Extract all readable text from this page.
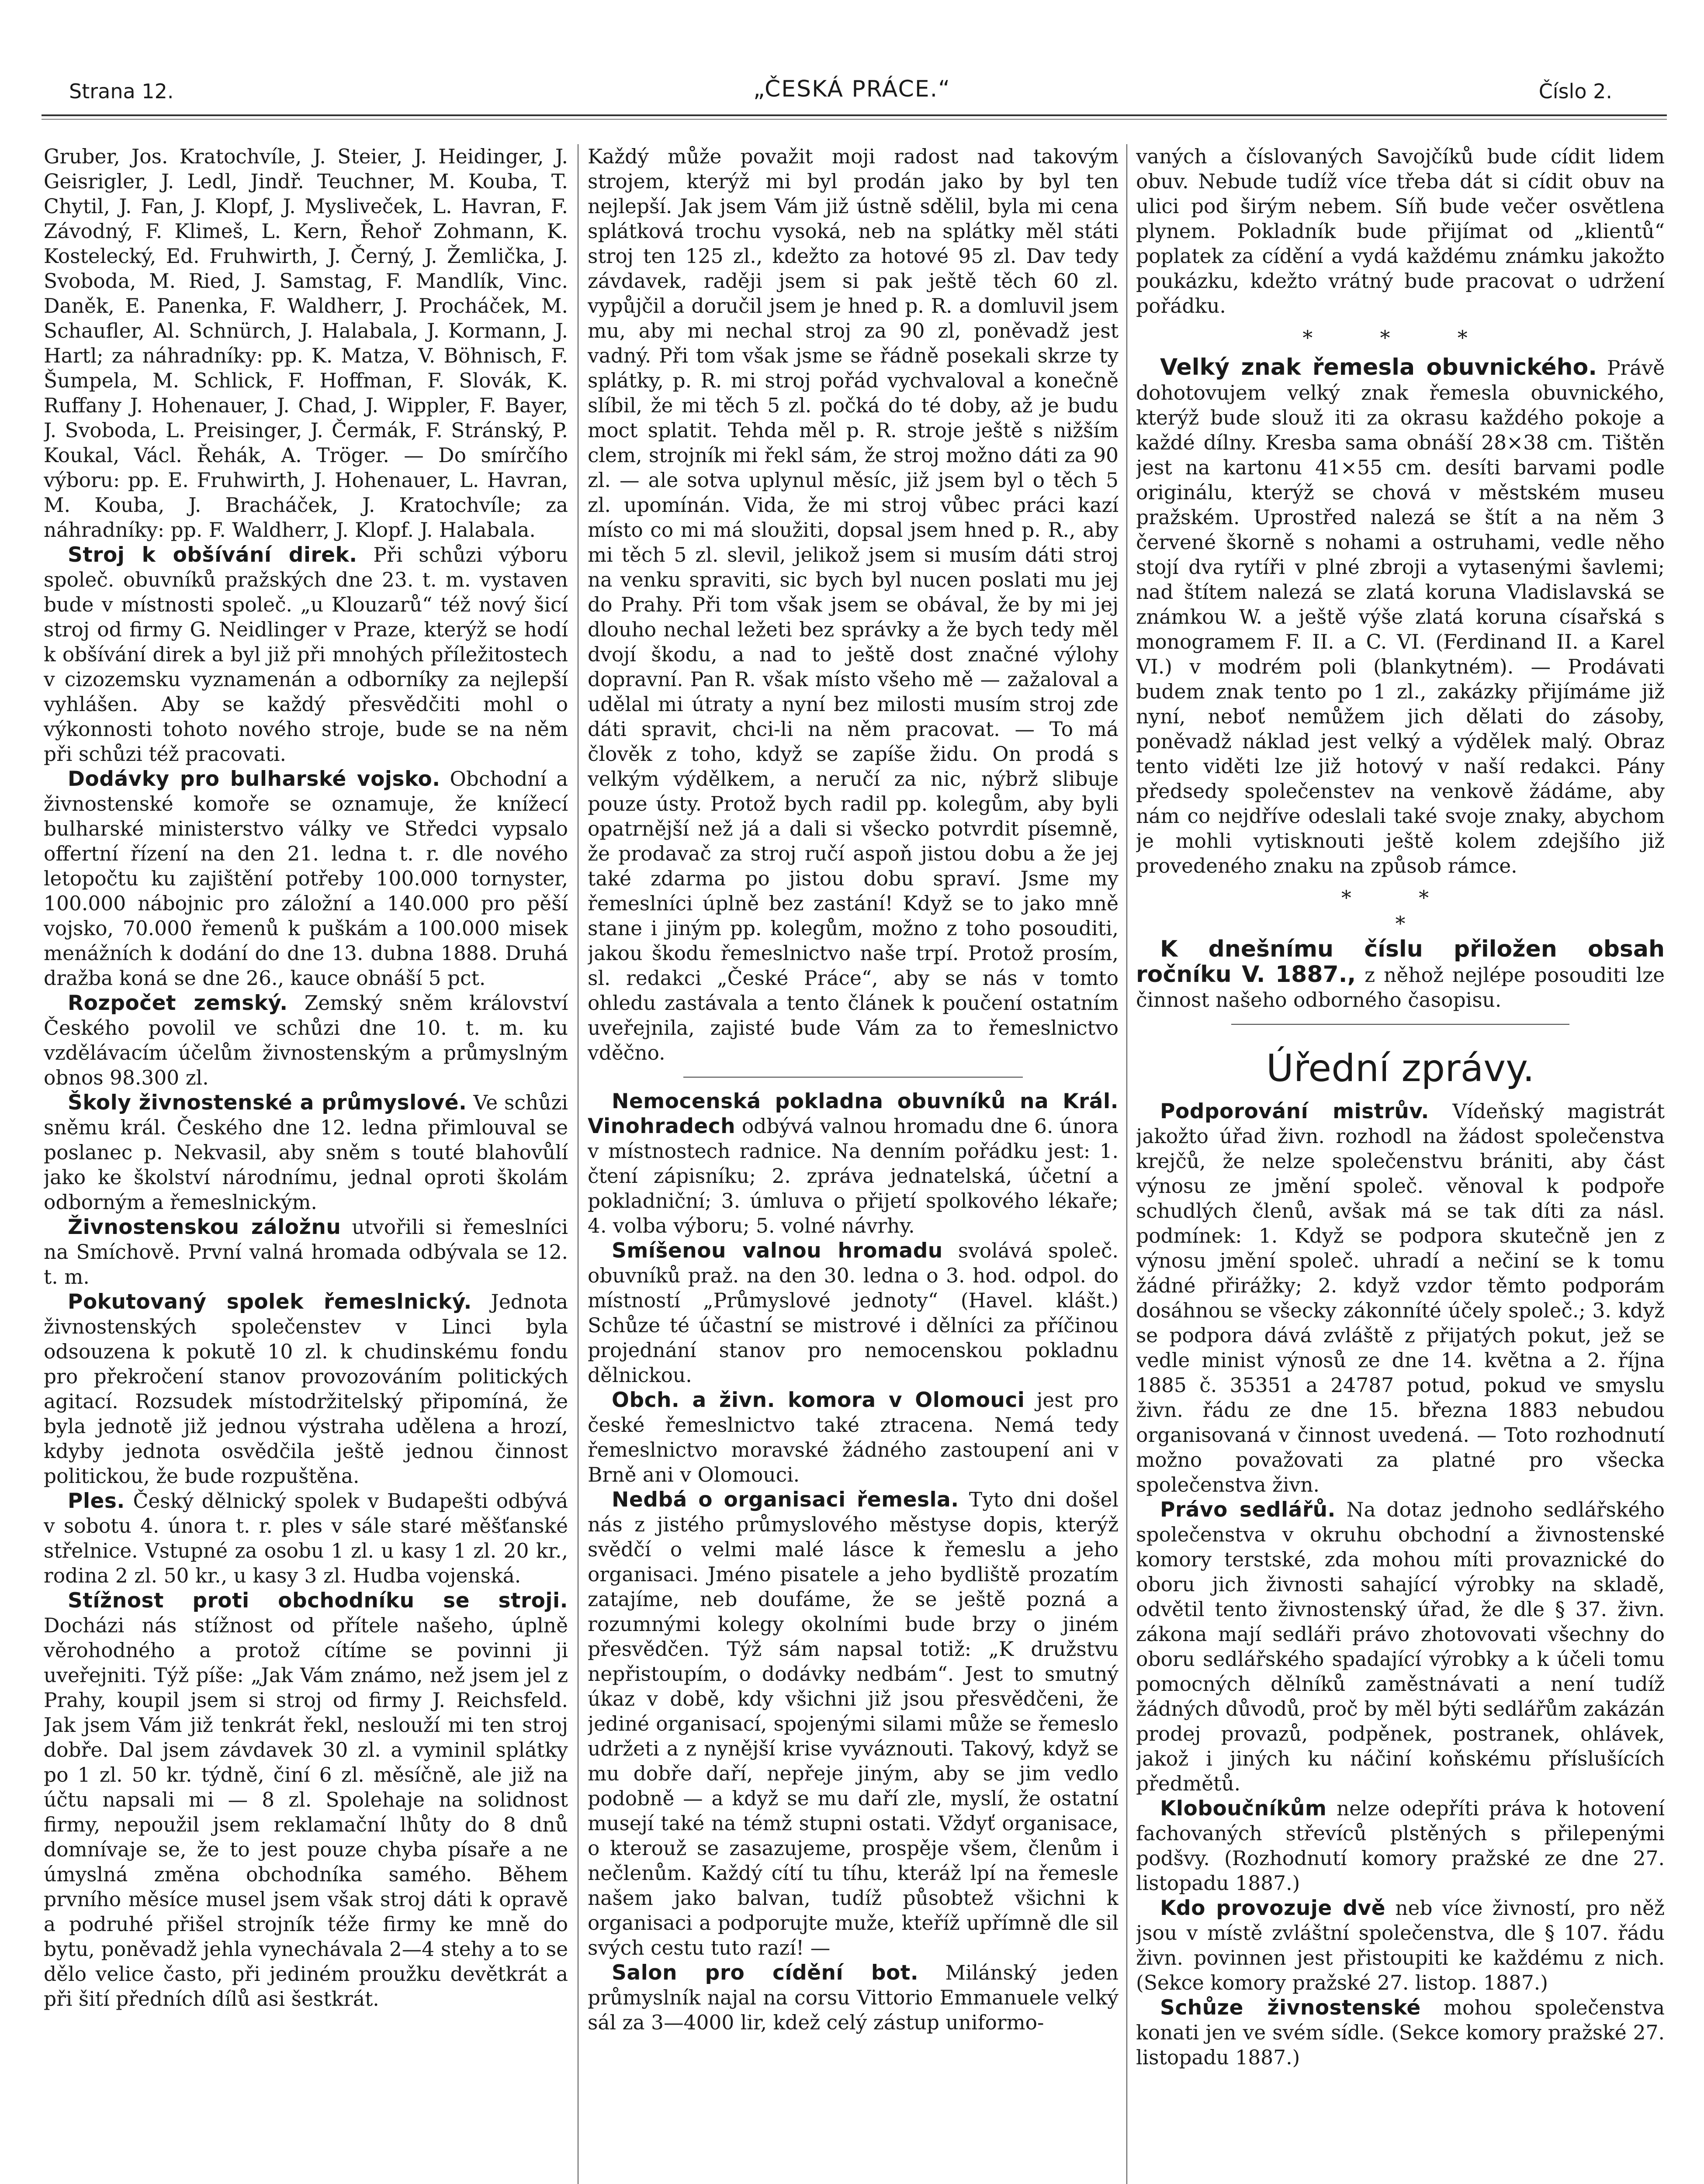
Strana 12.	„ČESKÁ PRÁCE.“	Číslo 2.

Gruber, Jos. Kratochvíle, J. Steier, J. Heidinger, J. Geisrigler, J. Ledl, Jindř. Teuchner, M. Kouba, T. Chytil, J. Fan, J. Klopf, J. Mysliveček, L. Havran, F. Závodný, F. Klimeš, L. Kern, Řehoř Zohmann, K. Kostelecký, Ed. Fruhwirth, J. Černý, J. Žemlička, J. Svoboda, M. Ried, J. Samstag, F. Mandlík, Vinc. Daněk, E. Panenka, F. Waldherr, J. Procháček, M. Schaufler, Al. Schnürch, J. Halabala, J. Kormann, J. Hartl; za náhradníky: pp. K. Matza, V. Böhnisch, F. Šumpela, M. Schlick, F. Hoffman, F. Slovák, K. Ruffany J. Hohenauer, J. Chad, J. Wippler, F. Bayer, J. Svoboda, L. Preisinger, J. Čermák, F. Stránský, P. Koukal, Václ. Řehák, A. Tröger. — Do smírčího výboru: pp. E. Fruhwirth, J. Hohenauer, L. Havran, M. Kouba, J. Bracháček, J. Kratochvíle; za náhradníky: pp. F. Waldherr, J. Klopf. J. Halabala.

Stroj k obšívání direk. Při schůzi výboru společ. obuvníků pražských dne 23. t. m. vystaven bude v místnosti společ. „u Klouzarů“ též nový šicí stroj od firmy G. Neidlinger v Praze, kterýž se hodí k obšívání direk a byl již při mnohých příležitostech v cizozemsku vyznamenán a odborníky za nejlepší vyhlášen. Aby se každý přesvědčiti mohl o výkonnosti tohoto nového stroje, bude se na něm při schůzi též pracovati.

Dodávky pro bulharské vojsko. Obchodní a živnostenské komoře se oznamuje, že knížecí bulharské ministerstvo války ve Středci vypsalo offertní řízení na den 21. ledna t. r. dle nového letopočtu ku zajištění potřeby 100.000 tornyster, 100.000 nábojnic pro záložní a 140.000 pro pěší vojsko, 70.000 řemenů k puškám a 100.000 misek menážních k dodání do dne 13. dubna 1888. Druhá dražba koná se dne 26., kauce obnáší 5 pct.

Rozpočet zemský. Zemský sněm království Českého povolil ve schůzi dne 10. t. m. ku vzdělávacím účelům živnostenským a průmyslným obnos 98.300 zl.

Školy živnostenské a průmyslové. Ve schůzi sněmu král. Českého dne 12. ledna přimlouval se poslanec p. Nekvasil, aby sněm s touté blahovůlí jako ke školství národnímu, jednal oproti školám odborným a řemeslnickým.

Živnostenskou záložnu utvořili si řemeslníci na Smíchově. První valná hromada odbývala se 12. t. m.

Pokutovaný spolek řemeslnický. Jednota živnostenských společenstev v Linci byla odsouzena k pokutě 10 zl. k chudinskému fondu pro překročení stanov provozováním politických agitací. Rozsudek místodržitelský připomíná, že byla jednotě již jednou výstraha udělena a hrozí, kdyby jednota osvědčila ještě jednou činnost politickou, že bude rozpuštěna.

Ples. Český dělnický spolek v Budapešti odbývá v sobotu 4. února t. r. ples v sále staré měšťanské střelnice. Vstupné za osobu 1 zl. u kasy 1 zl. 20 kr., rodina 2 zl. 50 kr., u kasy 3 zl. Hudba vojenská.

Stížnost proti obchodníku se stroji. Docházi nás stížnost od přítele našeho, úplně věrohodného a protož cítíme se povinni ji uveřejniti. Týž píše: „Jak Vám známo, než jsem jel z Prahy, koupil jsem si stroj od firmy J. Reichsfeld. Jak jsem Vám již tenkrát řekl, neslouží mi ten stroj dobře. Dal jsem závdavek 30 zl. a vyminil splátky po 1 zl. 50 kr. týdně, činí 6 zl. měsíčně, ale již na účtu napsali mi — 8 zl. Spolehaje na solidnost firmy, nepoužil jsem reklamační lhůty do 8 dnů domnívaje se, že to jest pouze chyba písaře a ne úmyslná změna obchodníka samého. Během prvního měsíce musel jsem však stroj dáti k opravě a podruhé přišel strojník téže firmy ke mně do bytu, poněvadž jehla vynechávala 2—4 stehy a to se dělo velice často, při jediném proužku devětkrát a při šití předních dílů asi šestkrát.

Každý může považit moji radost nad takovým strojem, kterýž mi byl prodán jako by byl ten nejlepší. Jak jsem Vám již ústně sdělil, byla mi cena splátková trochu vysoká, neb na splátky měl státi stroj ten 125 zl., kdežto za hotové 95 zl. Dav tedy závdavek, raději jsem si pak ještě těch 60 zl. vypůjčil a doručil jsem je hned p. R. a domluvil jsem mu, aby mi nechal stroj za 90 zl, poněvadž jest vadný. Při tom však jsme se řádně posekali skrze ty splátky, p. R. mi stroj pořád vychvaloval a konečně slíbil, že mi těch 5 zl. počká do té doby, až je budu moct splatit. Tehda měl p. R. stroje ještě s nižším clem, strojník mi řekl sám, že stroj možno dáti za 90 zl. — ale sotva uplynul měsíc, již jsem byl o těch 5 zl. upomínán. Vida, že mi stroj vůbec práci kazí místo co mi má sloužiti, dopsal jsem hned p. R., aby mi těch 5 zl. slevil, jelikož jsem si musím dáti stroj na venku spraviti, sic bych byl nucen poslati mu jej do Prahy. Při tom však jsem se obával, že by mi jej dlouho nechal ležeti bez správky a že bych tedy měl dvojí škodu, a nad to ještě dost značné výlohy dopravní. Pan R. však místo všeho mě — zažaloval a udělal mi útraty a nyní bez milosti musím stroj zde dáti spravit, chci-li na něm pracovat. — To má člověk z toho, když se zapíše židu. On prodá s velkým výdělkem, a neručí za nic, nýbrž slibuje pouze ústy. Protož bych radil pp. kolegům, aby byli opatrnější než já a dali si všecko potvrdit písemně, že prodavač za stroj ručí aspoň jistou dobu a že jej také zdarma po jistou dobu spraví. Jsme my řemeslníci úplně bez zastání! Když se to jako mně stane i jiným pp. kolegům, možno z toho posouditi, jakou škodu řemeslnictvo naše trpí. Protož prosím, sl. redakci „České Práce“, aby se nás v tomto ohledu zastávala a tento článek k poučení ostatním uveřejnila, zajisté bude Vám za to řemeslnictvo vděčno.

Nemocenská pokladna obuvníků na Král. Vinohradech odbývá valnou hromadu dne 6. února v místnostech radnice. Na denním pořádku jest: 1. čtení zápisníku; 2. zpráva jednatelská, účetní a pokladniční; 3. úmluva o přijetí spolkového lékaře; 4. volba výboru; 5. volné návrhy.

Smíšenou valnou hromadu svolává společ. obuvníků praž. na den 30. ledna o 3. hod. odpol. do místností „Průmyslové jednoty“ (Havel. klášt.) Schůze té účastní se mistrové i dělníci za příčinou projednání stanov pro nemocenskou pokladnu dělnickou.

Obch. a živn. komora v Olomouci jest pro české řemeslnictvo také ztracena. Nemá tedy řemeslnictvo moravské žádného zastoupení ani v Brně ani v Olomouci.

Nedbá o organisaci řemesla. Tyto dni došel nás z jistého průmyslového městyse dopis, kterýž svědčí o velmi malé lásce k řemeslu a jeho organisaci. Jméno pisatele a jeho bydliště prozatím zatajíme, neb doufáme, že se ještě pozná a rozumnými kolegy okolními bude brzy o jiném přesvědčen. Týž sám napsal totiž: „K družstvu nepřistoupím, o dodávky nedbám“. Jest to smutný úkaz v době, kdy všichni již jsou přesvědčeni, že jediné organisací, spojenými silami může se řemeslo udržeti a z nynější krise vyváznouti. Takový, když se mu dobře daří, nepřeje jiným, aby se jim vedlo podobně — a když se mu daří zle, myslí, že ostatní musejí také na témž stupni ostati. Vždyť organisace, o kterouž se zasazujeme, prospěje všem, členům i nečlenům. Každý cítí tu tíhu, kteráž lpí na řemesle našem jako balvan, tudíž působtež všichni k organisaci a podporujte muže, kteříž upřímně dle sil svých cestu tuto razí! —

Salon pro cídění bot. Milánský jeden průmyslník najal na corsu Vittorio Emmanuele velký sál za 3—4000 lir, kdež celý zástup uniformo-

vaných a číslovaných Savojčíků bude cídit lidem obuv. Nebude tudíž více třeba dát si cídit obuv na ulici pod širým nebem. Síň bude večer osvětlena plynem. Pokladník bude přijímat od „klientů“ poplatek za cídění a vydá každému známku jakožto poukázku, kdežto vrátný bude pracovat o udržení pořádku.

* * *

Velký znak řemesla obuvnického. Právě dohotovujem velký znak řemesla obuvnického, kterýž bude slouž iti za okrasu každého pokoje a každé dílny. Kresba sama obnáší 28×38 cm. Tištěn jest na kartonu 41×55 cm. desíti barvami podle originálu, kterýž se chová v městském museu pražském. Uprostřed nalezá se štít a na něm 3 červené škorně s nohami a ostruhami, vedle něho stojí dva rytíři v plné zbroji a vytasenými šavlemi; nad štítem nalezá se zlatá koruna Vladislavská se známkou W. a ještě výše zlatá koruna císařská s monogramem F. II. a C. VI. (Ferdinand II. a Karel VI.) v modrém poli (blankytném). — Prodávati budem znak tento po 1 zl., zakázky přijímáme již nyní, neboť nemůžem jich dělati do zásoby, poněvadž náklad jest velký a výdělek malý. Obraz tento viděti lze již hotový v naší redakci. Pány předsedy společenstev na venkově žádáme, aby nám co nejdříve odeslali také svoje znaky, abychom je mohli vytisknouti ještě kolem zdejšího již provedeného znaku na způsob rámce.

* *
*

K dnešnímu číslu přiložen obsah ročníku V. 1887., z něhož nejlépe posouditi lze činnost našeho odborného časopisu.

Úřední zprávy.

Podporování mistrův. Vídeňský magistrát jakožto úřad živn. rozhodl na žádost společenstva krejčů, že nelze společenstvu brániti, aby část výnosu ze jmění společ. věnoval k podpoře schudlých členů, avšak má se tak díti za násl. podmínek: 1. Když se podpora skutečně jen z výnosu jmění společ. uhradí a nečiní se k tomu žádné přirážky; 2. když vzdor těmto podporám dosáhnou se všecky zákonníté účely společ.; 3. když se podpora dává zvláště z přijatých pokut, jež se vedle minist výnosů ze dne 14. května a 2. října 1885 č. 35351 a 24787 potud, pokud ve smyslu živn. řádu ze dne 15. března 1883 nebudou organisovaná v činnost uvedená. — Toto rozhodnutí možno považovati za platné pro všecka společenstva živn.

Právo sedlářů. Na dotaz jednoho sedlářského společenstva v okruhu obchodní a živnostenské komory terstské, zda mohou míti provaznické do oboru jich živnosti sahající výrobky na skladě, odvětil tento živnostenský úřad, že dle § 37. živn. zákona mají sedláři právo zhotovovati všechny do oboru sedlářského spadající výrobky a k účeli tomu pomocných dělníků zaměstnávati a není tudíž žádných důvodů, proč by měl býti sedlářům zakázán prodej provazů, podpěnek, postranek, ohlávek, jakož i jiných ku náčiní koňskému příslušících předmětů.

Kloboučníkům nelze odepříti práva k hotovení fachovaných střevíců plstěných s přilepenými podšvy. (Rozhodnutí komory pražské ze dne 27. listopadu 1887.)

Kdo provozuje dvě neb více živností, pro něž jsou v místě zvláštní společenstva, dle § 107. řádu živn. povinnen jest přistoupiti ke každému z nich. (Sekce komory pražské 27. listop. 1887.)

Schůze živnostenské mohou společenstva konati jen ve svém sídle. (Sekce komory pražské 27. listopadu 1887.)
